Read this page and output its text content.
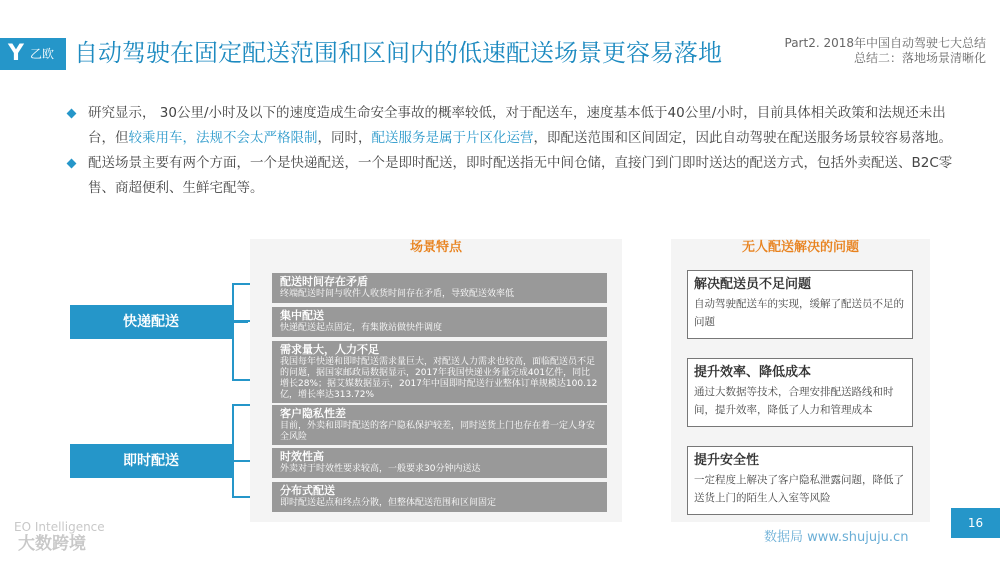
Y 乙欧 自动驾驶在固定配送范围和区间内的低速配送场景更容易落地	Part2. 2018年中国自动驾驶七大总结
总结二：落地场景清晰化
研究显示， 30公里/小时及以下的速度造成生命安全事故的概率较低，对于配送车，速度基本低于40公里/小时，目前具体相关政策和法规还未出台，但较乘用车，法规不会太严格限制，同时，配送服务是属于片区化运营，即配送范围和区间固定，因此自动驾驶在配送服务场景较容易落地。
配送场景主要有两个方面，一个是快递配送，一个是即时配送，即时配送指无中间仓储，直接门到门即时送达的配送方式，包括外卖配送、B2C零售、商超便利、生鲜宅配等。
快递配送
即时配送
场景特点
配送时间存在矛盾
终端配送时间与收件人收货时间存在矛盾，导致配送效率低
集中配送
快递配送起点固定，有集散站做快件调度
需求量大，人力不足
我国每年快递和即时配送需求量巨大，对配送人力需求也较高，面临配送员不足的问题，据国家邮政局数据显示，2017年我国快递业务量完成401亿件，同比增长28%；据艾媒数据显示，2017年中国即时配送行业整体订单规模达100.12亿，增长率达313.72%
客户隐私性差
目前，外卖和即时配送的客户隐私保护较差，同时送货上门也存在着一定人身安全风险
时效性高
外卖对于时效性要求较高，一般要求30分钟内送达
分布式配送
即时配送起点和终点分散，但整体配送范围和区间固定
无人配送解决的问题
解决配送员不足问题
自动驾驶配送车的实现，缓解了配送员不足的问题
提升效率、降低成本
通过大数据等技术，合理安排配送路线和时间，提升效率，降低了人力和管理成本
提升安全性
一定程度上解决了客户隐私泄露问题，降低了送货上门的陌生人入室等风险
EO Intelligence
大数跨境
16
数据局 www.shujuju.cn
